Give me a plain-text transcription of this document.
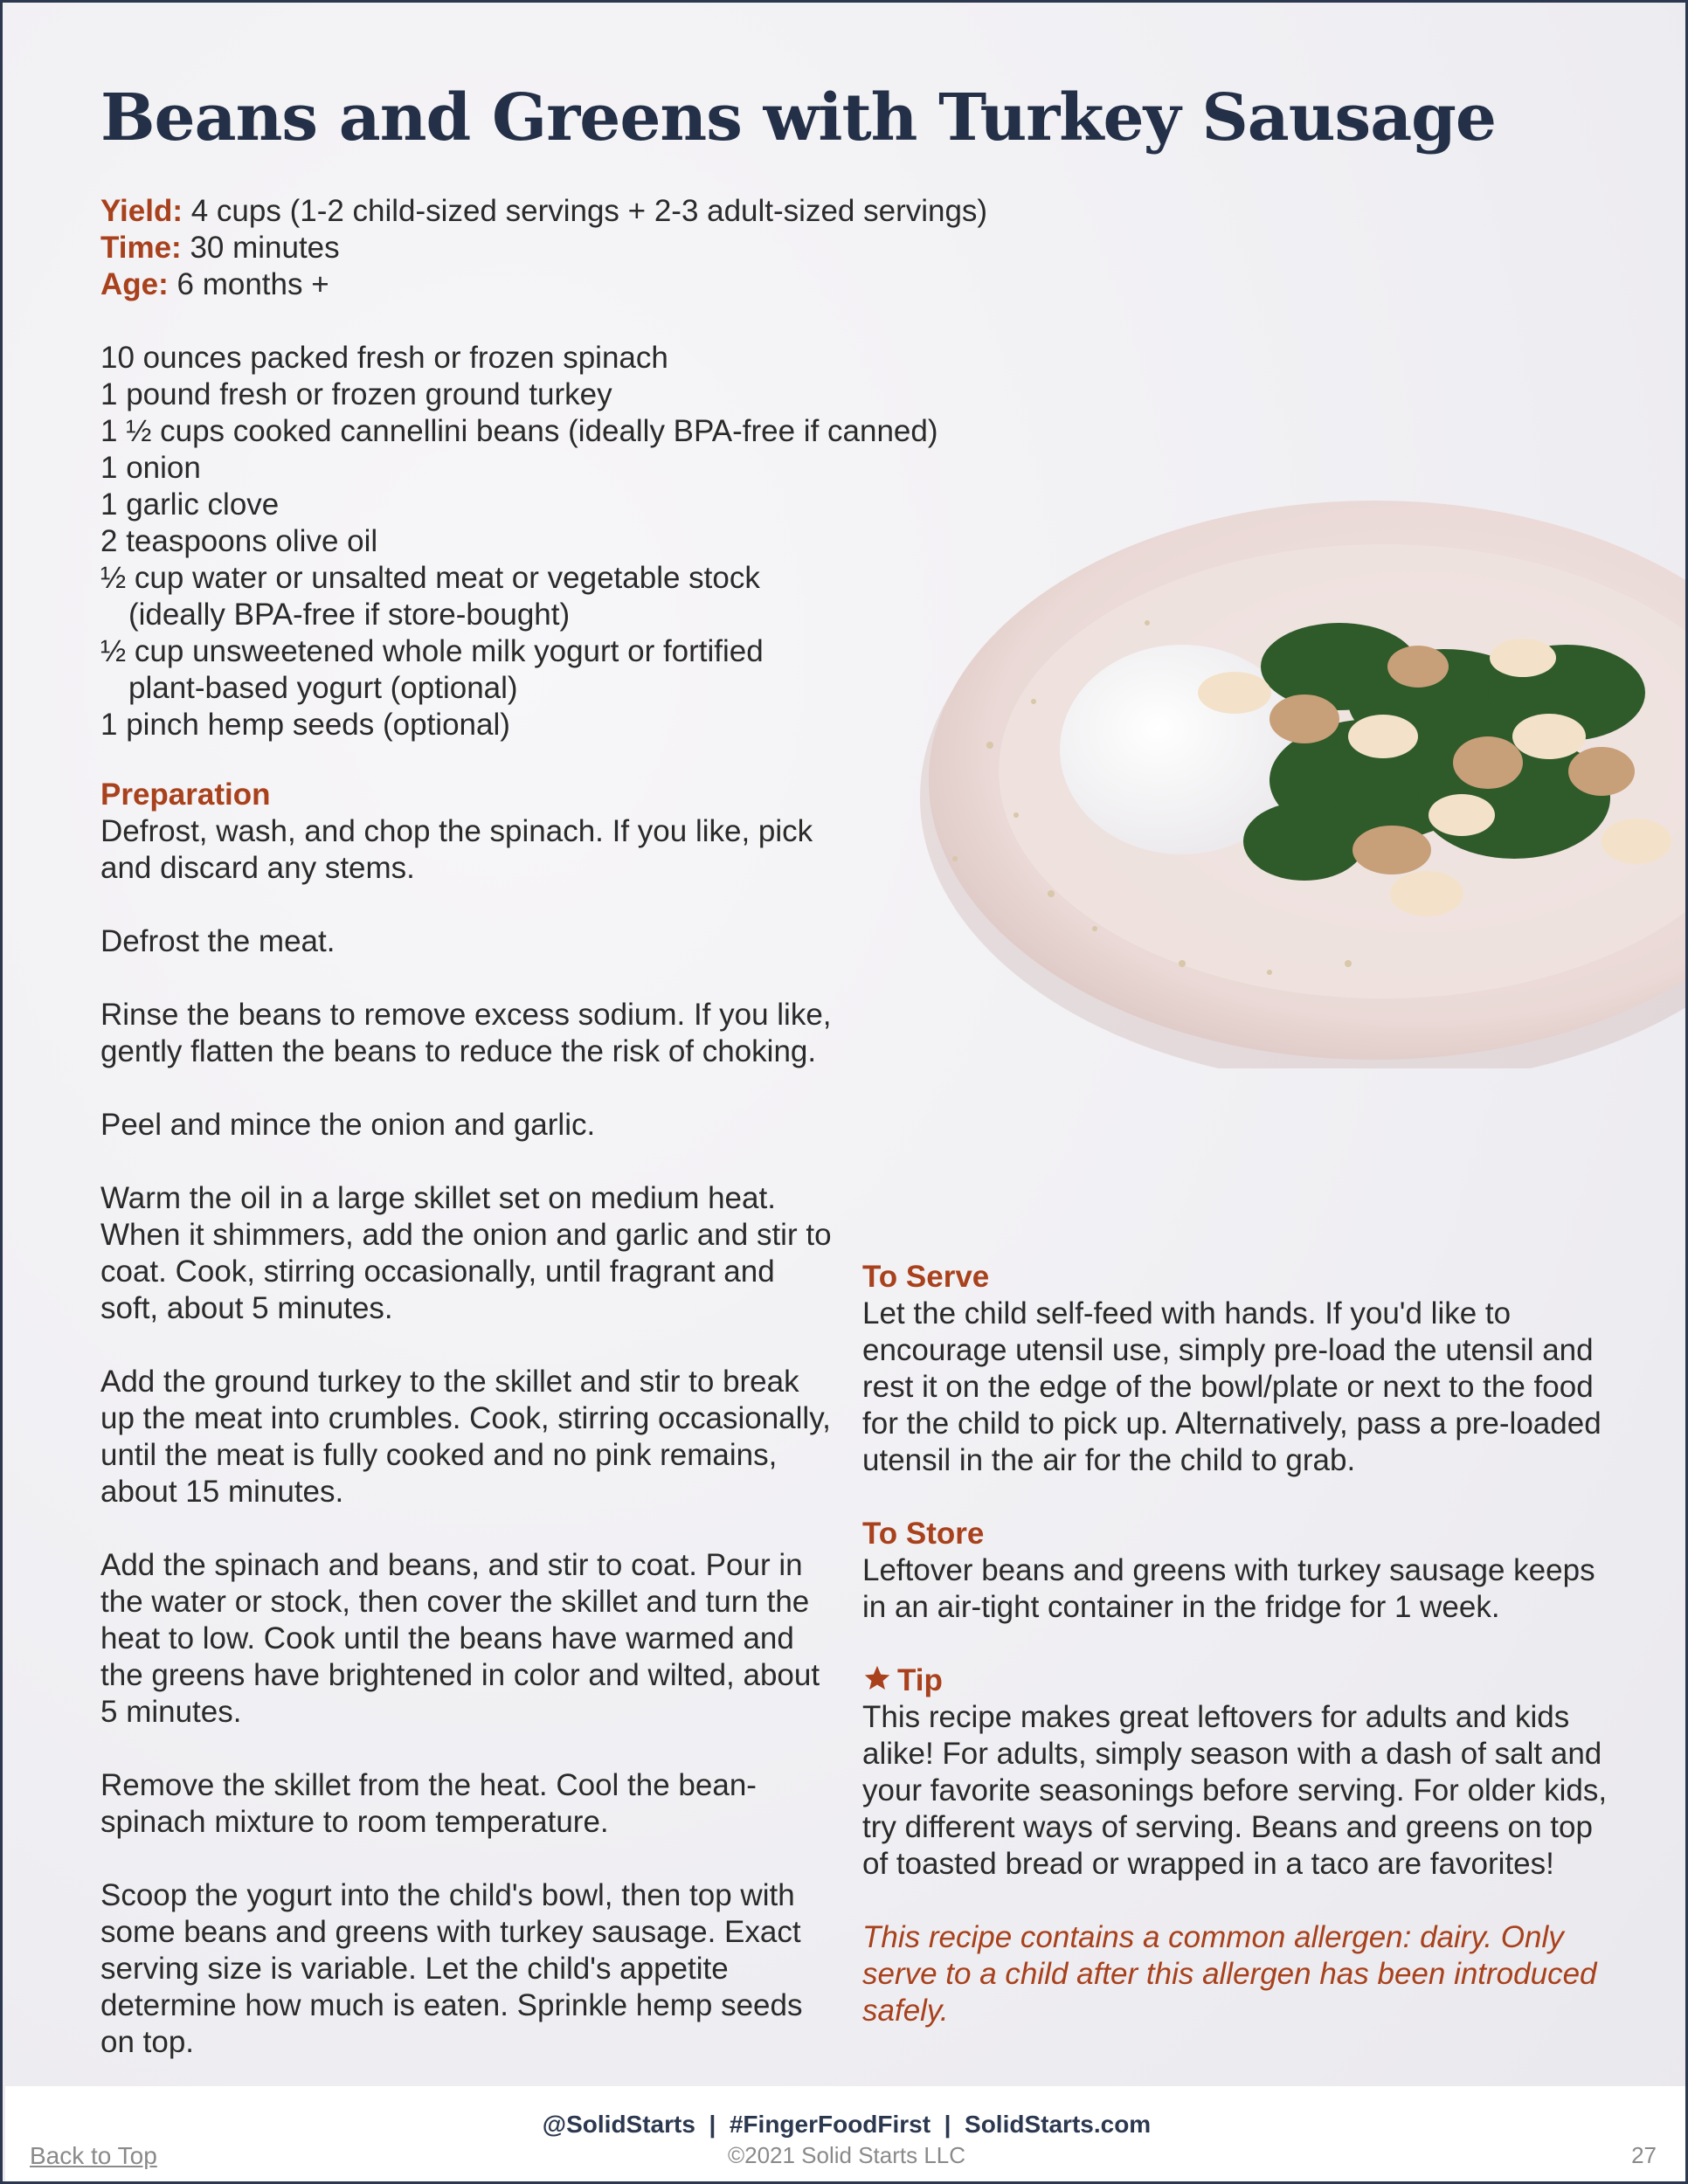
Beans and Greens with Turkey Sausage
Yield: 4 cups (1-2 child-sized servings + 2-3 adult-sized servings)
Time: 30 minutes
Age: 6 months +

10 ounces packed fresh or frozen spinach

1 pound fresh or frozen ground turkey

1 ½ cups cooked cannellini beans (ideally BPA-free if canned)

1 onion

1 garlic clove

2 teaspoons olive oil

½ cup water or unsalted meat or vegetable stock

(ideally BPA-free if store-bought)

½ cup unsweetened whole milk yogurt or fortified

plant-based yogurt (optional)

1 pinch hemp seeds (optional)

Preparation

Defrost, wash, and chop the spinach. If you like, pick and discard any stems.

Defrost the meat.

Rinse the beans to remove excess sodium. If you like, gently flatten the beans to reduce the risk of choking.

Peel and mince the onion and garlic.

Warm the oil in a large skillet set on medium heat. When it shimmers, add the onion and garlic and stir to coat. Cook, stirring occasionally, until fragrant and soft, about 5 minutes.

Add the ground turkey to the skillet and stir to break up the meat into crumbles. Cook, stirring occasionally, until the meat is fully cooked and no pink remains, about 15 minutes.

Add the spinach and beans, and stir to coat. Pour in the water or stock, then cover the skillet and turn the heat to low. Cook until the beans have warmed and the greens have brightened in color and wilted, about 5 minutes.

Remove the skillet from the heat. Cool the bean-spinach mixture to room temperature.

Scoop the yogurt into the child's bowl, then top with some beans and greens with turkey sausage. Exact serving size is variable. Let the child's appetite determine how much is eaten. Sprinkle hemp seeds on top.

To Serve

Let the child self-feed with hands. If you'd like to encourage utensil use, simply pre-load the utensil and rest it on the edge of the bowl/plate or next to the food for the child to pick up. Alternatively, pass a pre-loaded utensil in the air for the child to grab.

To Store

Leftover beans and greens with turkey sausage keeps in an air-tight container in the fridge for 1 week.

Tip

This recipe makes great leftovers for adults and kids alike! For adults, simply season with a dash of salt and your favorite seasonings before serving. For older kids, try different ways of serving. Beans and greens on top of toasted bread or wrapped in a taco are favorites!

This recipe contains a common allergen: dairy. Only serve to a child after this allergen has been introduced safely.

@SolidStarts  |  #FingerFoodFirst  |  SolidStarts.com
©2021 Solid Starts LLC
Back to Top	27
